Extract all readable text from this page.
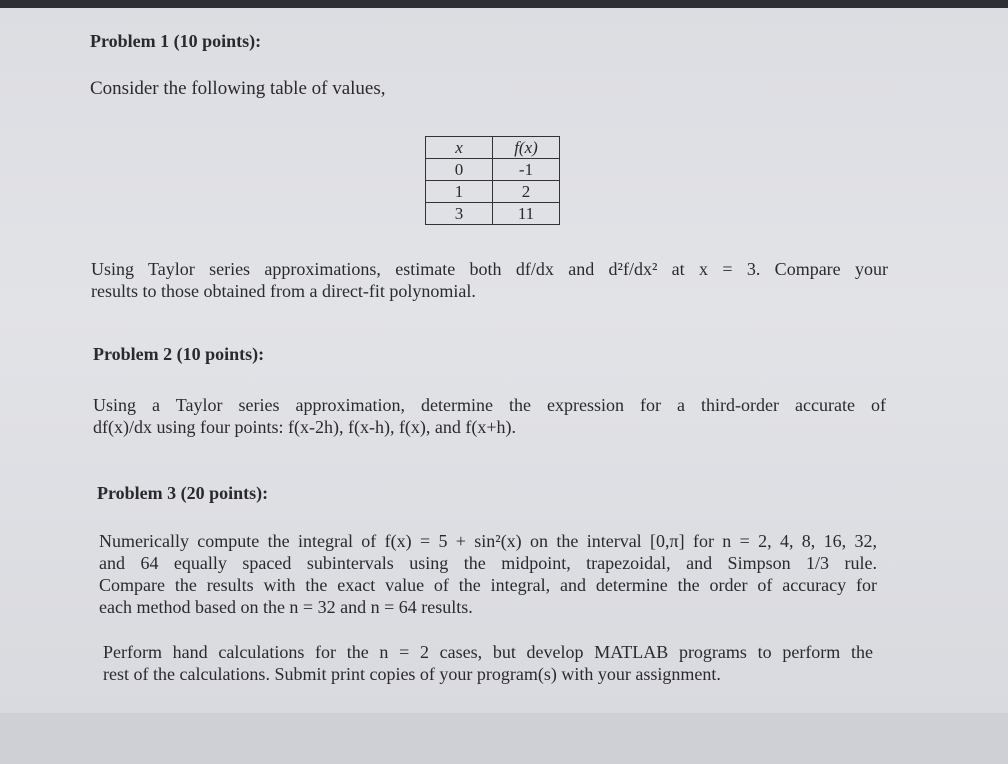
Problem 1 (10 points):
Consider the following table of values,
x	f(x)
0	-1
1	2
3	11
Using Taylor series approximations, estimate both df/dx and d²f/dx² at x = 3. Compare your
results to those obtained from a direct-fit polynomial.
Problem 2 (10 points):
Using a Taylor series approximation, determine the expression for a third-order accurate of
df(x)/dx using four points: f(x-2h), f(x-h), f(x), and f(x+h).
Problem 3 (20 points):
Numerically compute the integral of f(x) = 5 + sin²(x) on the interval [0,π] for n = 2, 4, 8, 16, 32,
and 64 equally spaced subintervals using the midpoint, trapezoidal, and Simpson 1/3 rule.
Compare the results with the exact value of the integral, and determine the order of accuracy for
each method based on the n = 32 and n = 64 results.
Perform hand calculations for the n = 2 cases, but develop MATLAB programs to perform the
rest of the calculations. Submit print copies of your program(s) with your assignment.
